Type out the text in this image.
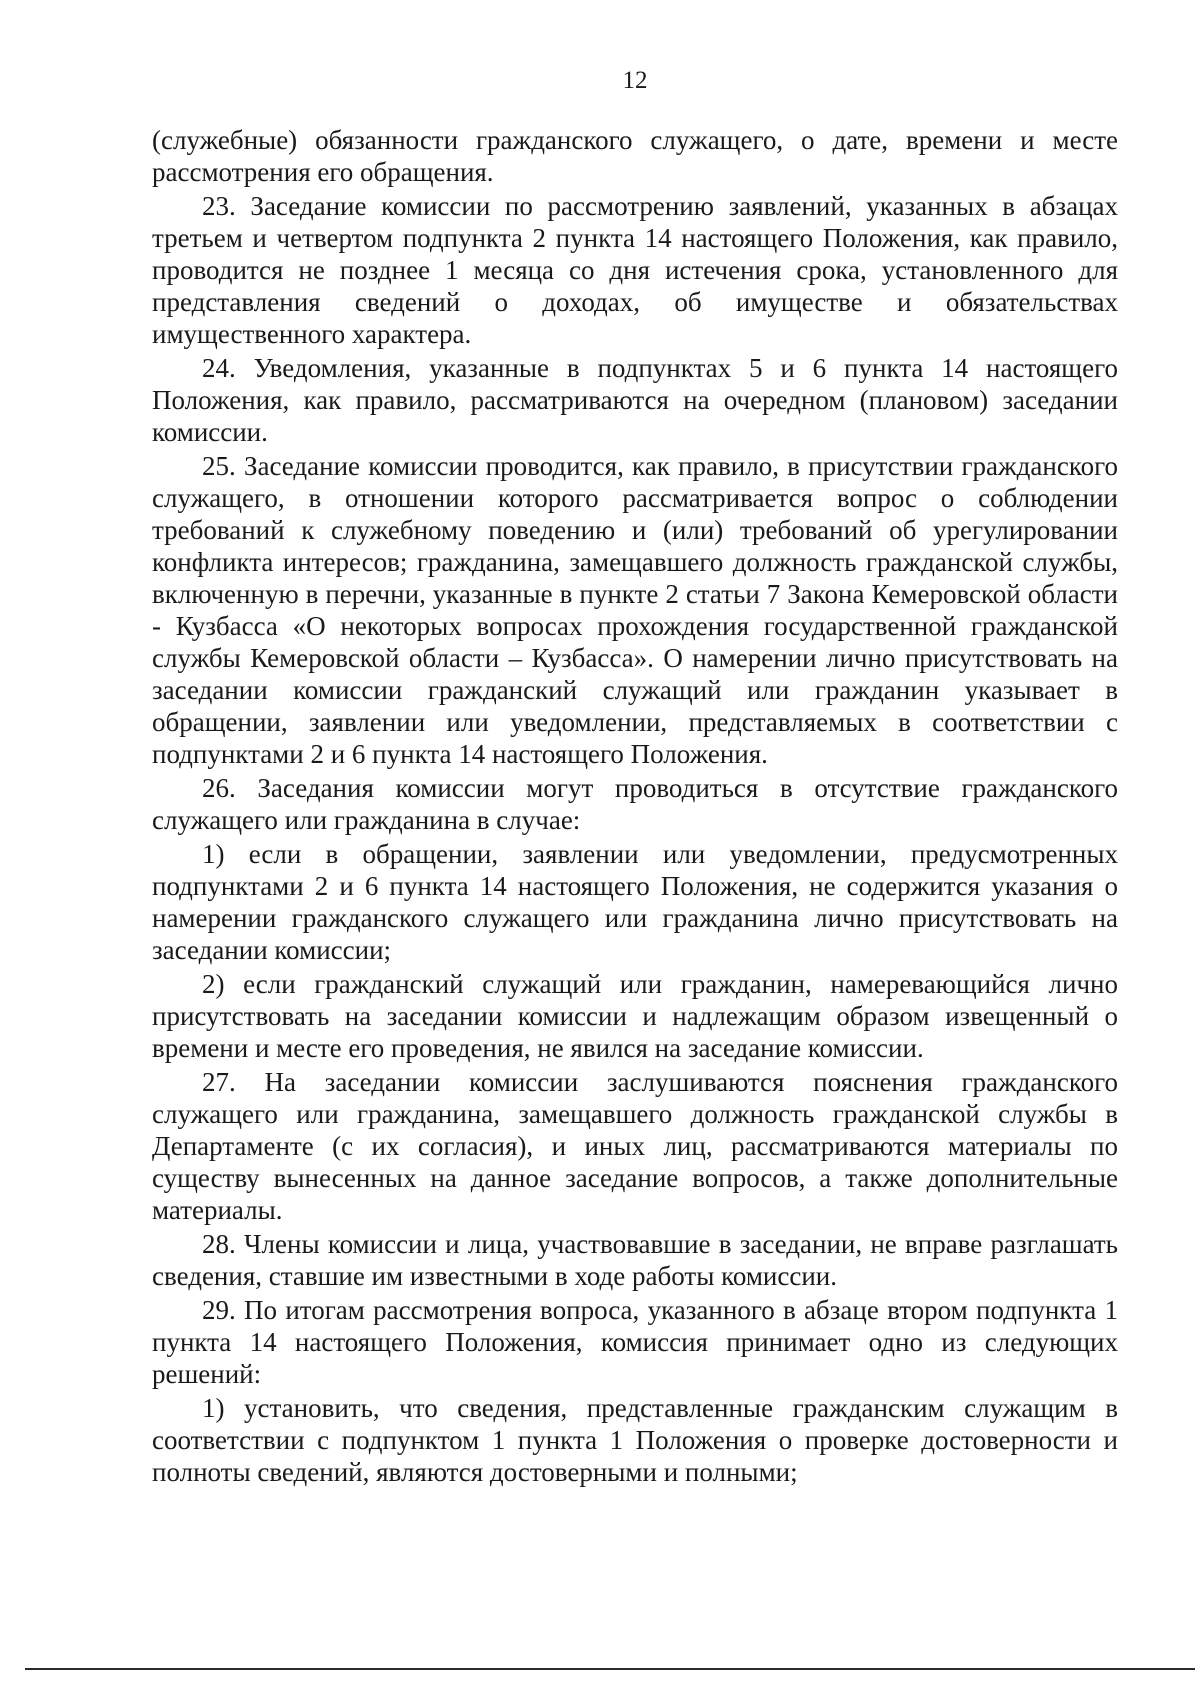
12

(служебные) обязанности гражданского служащего, о дате, времени и месте рассмотрения его обращения.

23. Заседание комиссии по рассмотрению заявлений, указанных в абзацах третьем и четвертом подпункта 2 пункта 14 настоящего Положения, как правило, проводится не позднее 1 месяца со дня истечения срока, установленного для представления сведений о доходах, об имуществе и обязательствах имущественного характера.

24. Уведомления, указанные в подпунктах 5 и 6 пункта 14 настоящего Положения, как правило, рассматриваются на очередном (плановом) заседании комиссии.

25. Заседание комиссии проводится, как правило, в присутствии гражданского служащего, в отношении которого рассматривается вопрос о соблюдении требований к служебному поведению и (или) требований об урегулировании конфликта интересов; гражданина, замещавшего должность гражданской службы, включенную в перечни, указанные в пункте 2 статьи 7 Закона Кемеровской области - Кузбасса «О некоторых вопросах прохождения государственной гражданской службы Кемеровской области – Кузбасса». О намерении лично присутствовать на заседании комиссии гражданский служащий или гражданин указывает в обращении, заявлении или уведомлении, представляемых в соответствии с подпунктами 2 и 6 пункта 14 настоящего Положения.

26. Заседания комиссии могут проводиться в отсутствие гражданского служащего или гражданина в случае:

1) если в обращении, заявлении или уведомлении, предусмотренных подпунктами 2 и 6 пункта 14 настоящего Положения, не содержится указания о намерении гражданского служащего или гражданина лично присутствовать на заседании комиссии;

2) если гражданский служащий или гражданин, намеревающийся лично присутствовать на заседании комиссии и надлежащим образом извещенный о времени и месте его проведения, не явился на заседание комиссии.

27. На заседании комиссии заслушиваются пояснения гражданского служащего или гражданина, замещавшего должность гражданской службы в Департаменте (с их согласия), и иных лиц, рассматриваются материалы по существу вынесенных на данное заседание вопросов, а также дополнительные материалы.

28. Члены комиссии и лица, участвовавшие в заседании, не вправе разглашать сведения, ставшие им известными в ходе работы комиссии.

29. По итогам рассмотрения вопроса, указанного в абзаце втором подпункта 1 пункта 14 настоящего Положения, комиссия принимает одно из следующих решений:

1) установить, что сведения, представленные гражданским служащим в соответствии с подпунктом 1 пункта 1 Положения о проверке достоверности и полноты сведений, являются достоверными и полными;
